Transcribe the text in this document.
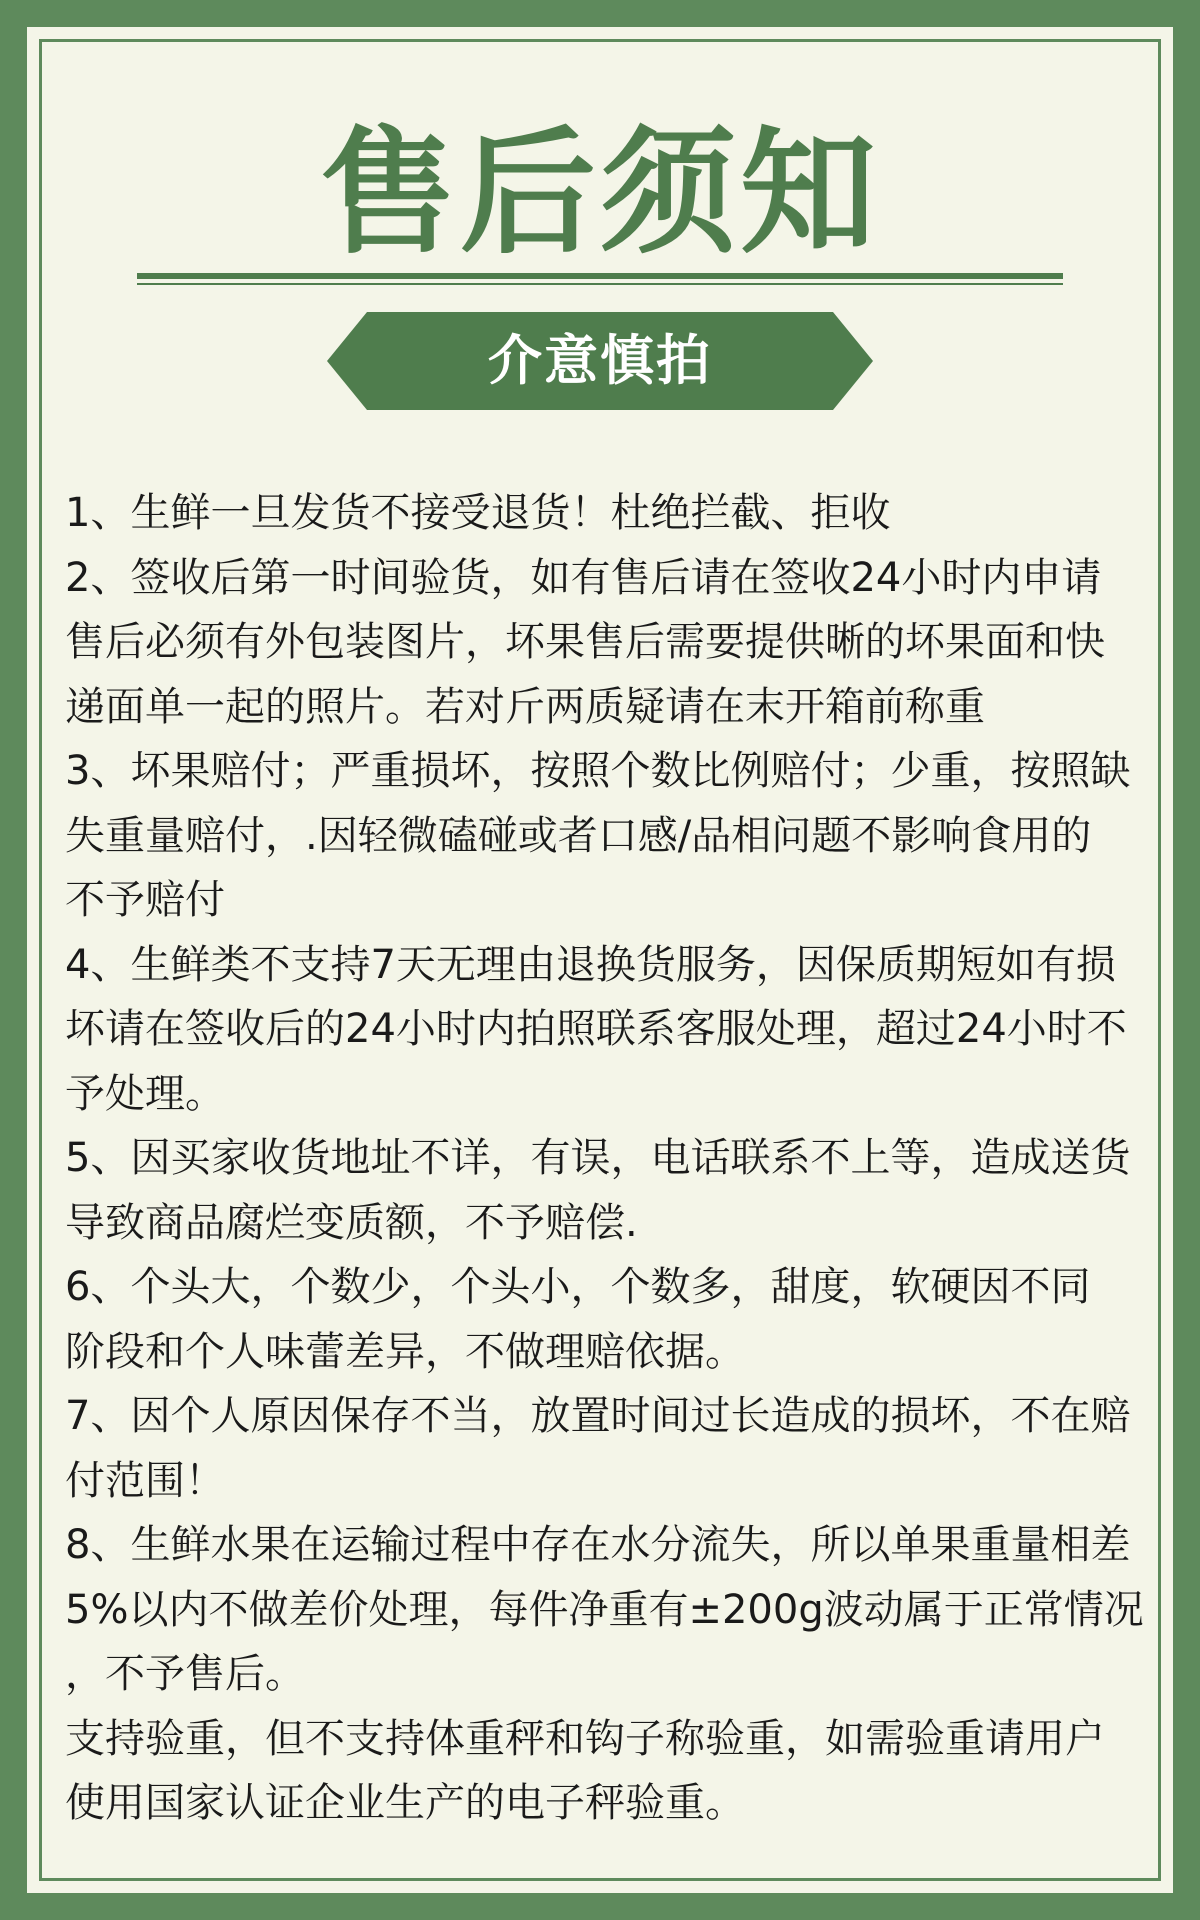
售后须知
介意慎拍
1、生鲜一旦发货不接受退货！杜绝拦截、拒收
2、签收后第一时间验货，如有售后请在签收24小时内申请
售后必须有外包装图片，坏果售后需要提供晰的坏果面和快
递面单一起的照片。若对斤两质疑请在末开箱前称重
3、坏果赔付；严重损坏，按照个数比例赔付；少重，按照缺
失重量赔付，.因轻微磕碰或者口感/品相问题不影响食用的
不予赔付
4、生鲜类不支持7天无理由退换货服务，因保质期短如有损
坏请在签收后的24小时内拍照联系客服处理，超过24小时不
予处理。
5、因买家收货地址不详，有误，电话联系不上等，造成送货
导致商品腐烂变质额，不予赔偿.
6、个头大，个数少，个头小，个数多，甜度，软硬因不同
阶段和个人味蕾差异，不做理赔依据。
7、因个人原因保存不当，放置时间过长造成的损坏，不在赔
付范围！
8、生鲜水果在运输过程中存在水分流失，所以单果重量相差
5%以内不做差价处理，每件净重有±200g波动属于正常情况
，不予售后。
支持验重，但不支持体重秤和钩子称验重，如需验重请用户
使用国家认证企业生产的电子秤验重。
